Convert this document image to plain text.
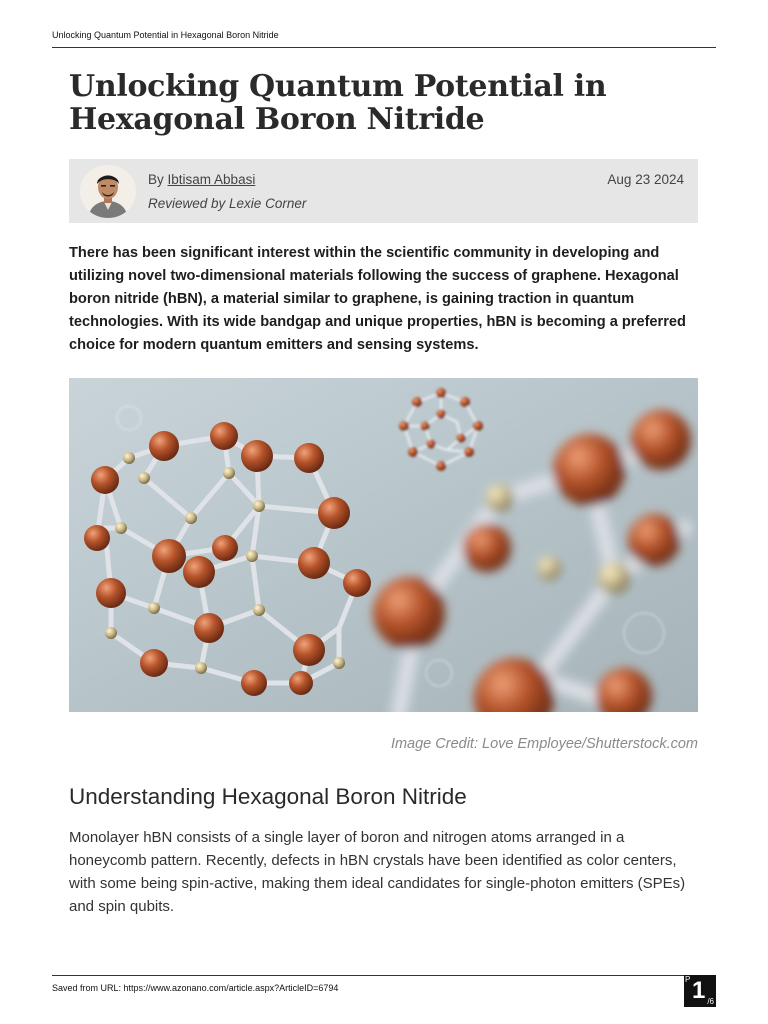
Unlocking Quantum Potential in Hexagonal Boron Nitride
Unlocking Quantum Potential in Hexagonal Boron Nitride
By Ibtisam Abbasi
Reviewed by Lexie Corner
Aug 23 2024

There has been significant interest within the scientific community in developing and utilizing novel two-dimensional materials following the success of graphene. Hexagonal boron nitride (hBN), a material similar to graphene, is gaining traction in quantum technologies. With its wide bandgap and unique properties, hBN is becoming a preferred choice for modern quantum emitters and sensing systems.

Image Credit: Love Employee/Shutterstock.com
Understanding Hexagonal Boron Nitride

Monolayer hBN consists of a single layer of boron and nitrogen atoms arranged in a honeycomb pattern. Recently, defects in hBN crystals have been identified as color centers, with some being spin-active, making them ideal candidates for single-photon emitters (SPEs) and spin qubits.

Saved from URL: https://www.azonano.com/article.aspx?ArticleID=6794
P 1 /6
